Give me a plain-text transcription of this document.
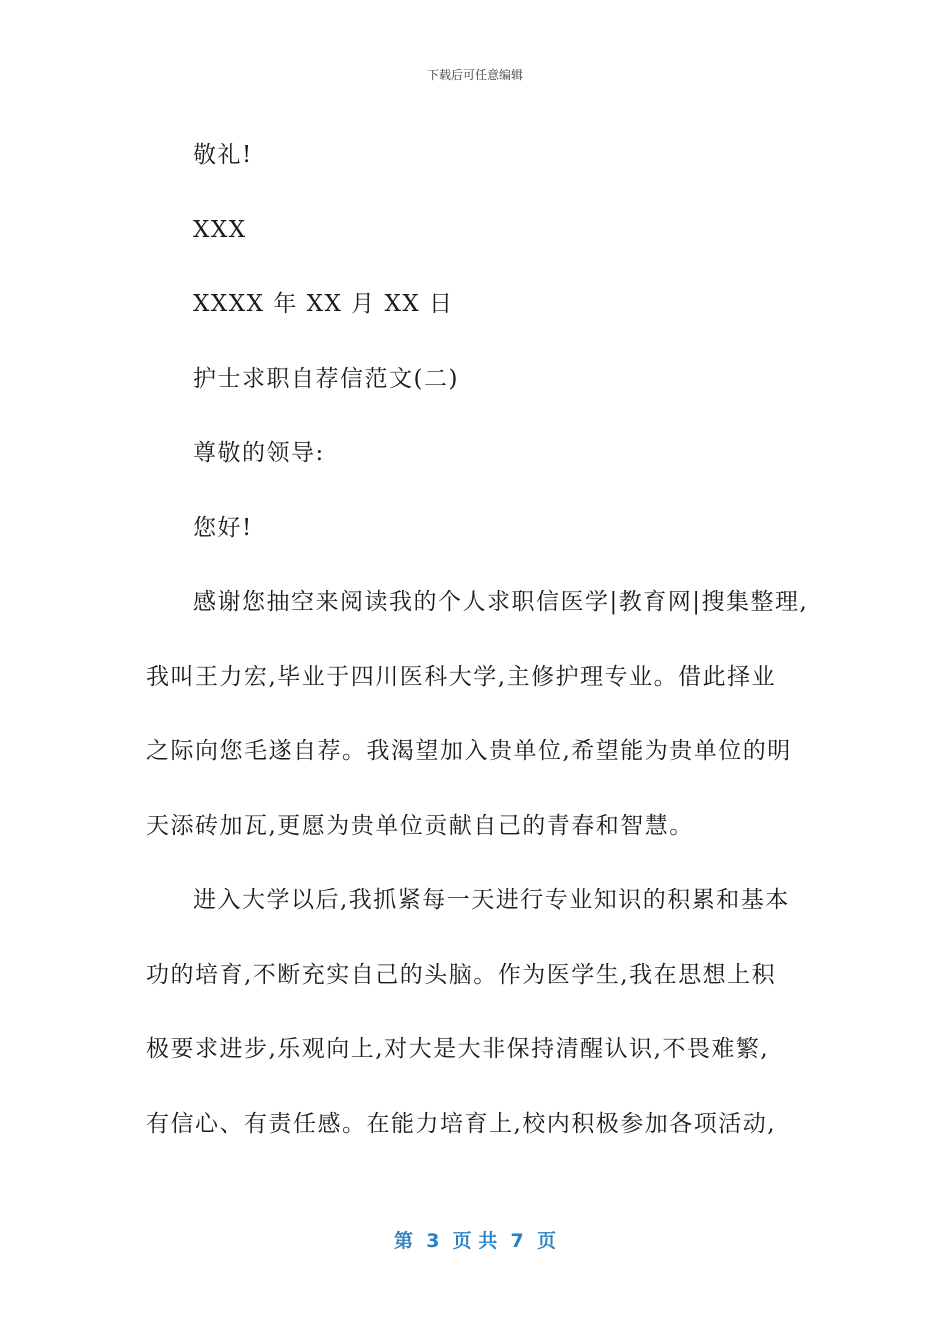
下载后可任意编辑
敬礼!
XXX
XXXX 年 XX 月 XX 日
护士求职自荐信范文(二)
尊敬的领导:
您好!
感谢您抽空来阅读我的个人求职信医学|教育网|搜集整理,
我叫王力宏,毕业于四川医科大学,主修护理专业。借此择业
之际向您毛遂自荐。我渴望加入贵单位,希望能为贵单位的明
天添砖加瓦,更愿为贵单位贡献自己的青春和智慧。
进入大学以后,我抓紧每一天进行专业知识的积累和基本
功的培育,不断充实自己的头脑。作为医学生,我在思想上积
极要求进步,乐观向上,对大是大非保持清醒认识,不畏难繁,
有信心、有责任感。在能力培育上,校内积极参加各项活动,
第  3  页 共  7  页
